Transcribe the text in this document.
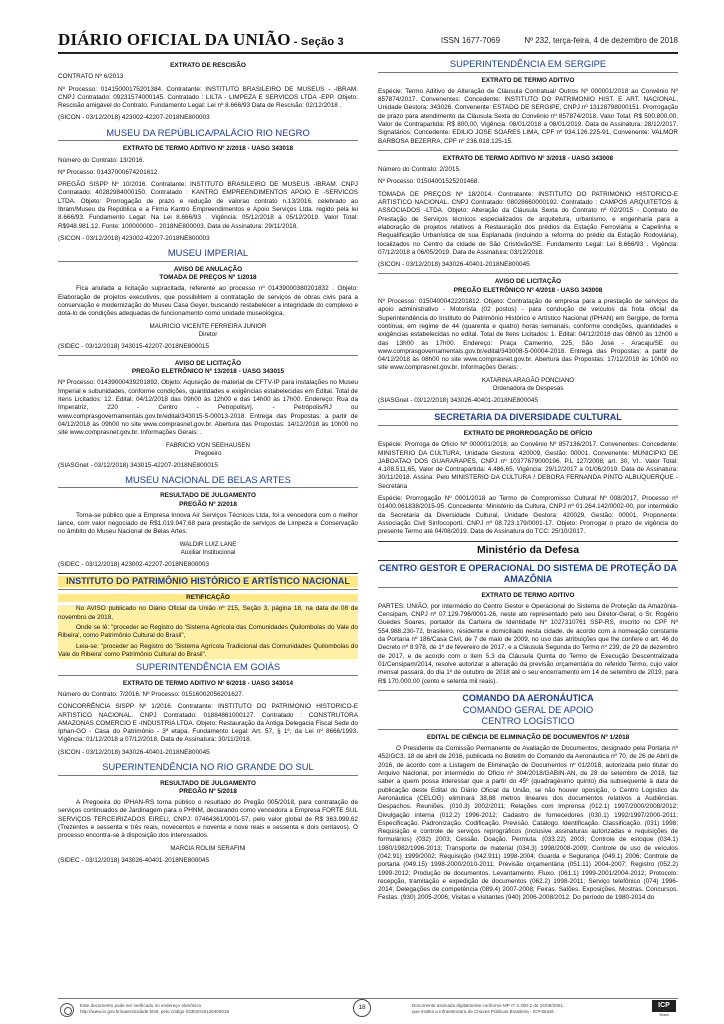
DIÁRIO OFICIAL DA UNIÃO - Seção 3	ISSN 1677-7069	Nº 232, terça-feira, 4 de dezembro de 2018
EXTRATO DE RESCISÃO
CONTRATO Nº 6/2013
Nº Processo: 01415000175201384. Contratante: INSTITUTO BRASILEIRO DE MUSEUS - -IBRAM. CNPJ Contratado: 09231574000145. Contratado : LILTA - LIMPEZA E SERVICOS LTDA -EPP. Objeto: Rescisão amigável do Contrato. Fundamento Legal: Lei nº 8.666/93 Data de Rescisão: 02/12/2018 .
(SICON - 03/12/2018) 423002-42207-2018NE800003
MUSEU DA REPÚBLICA/PALÁCIO RIO NEGRO
EXTRATO DE TERMO ADITIVO Nº 2/2018 - UASG 343018
Número do Contrato: 13/2016.
Nº Processo: 01437000674201612.
PREGÃO SISPP Nº 10/2016. Contratante: INSTITUTO BRASILEIRO DE MUSEUS -IBRAM. CNPJ Contratado: 40282984000150. Contratado : KANTRO EMPREENDIMENTOS APOIO E -SERVICOS LTDA. Objeto: Prorrogação de prazo e redução de valorao contrato n.13/2016, celebrado ao Ibram/Museu da República e a Firma Kantro Empreendimentos e Apoio Serviços Ltda. regido pela lei 8.666/93. Fundamento Legal: Na Lei 8.666/93 . Vigência: 05/12/2018 a 05/12/2019. Valor Total: R$948.981,12. Fonte: 100000000 - 2018NE800003. Data de Assinatura: 29/11/2018.
(SICON - 03/12/2018) 423002-42207-2018NE800003
MUSEU IMPERIAL
AVISO DE ANULAÇÃO
TOMADA DE PREÇOS Nº 1/2018
Fica anulada a licitação supracitada, referente ao processo nº 01439000380201832 . Objeto: Elaboração de projetos executivos, que possibilitem a contratação de serviços de obras civis para a conservação e modernização do Museu Casa Geyer, buscando restabelecer a integridade do complexo e dotá-lo de condições adequadas de funcionamento como unidade museológica.
MAURICIO VICENTE FERREIRA JUNIOR
Diretor
(SIDEC - 03/12/2018) 343015-42207-2018NE800015
AVISO DE LICITAÇÃO
PREGÃO ELETRÔNICO Nº 13/2018 - UASG 343015
Nº Processo: 01439000439201892. Objeto: Aquisição de material de CFTV-IP para instalações no Museu Imperial e subunidades, conforme condições, quantidades e exigências estabelecidas em Edital. Total de Itens Licitados: 12. Edital: 04/12/2018 das 09h00 às 12h00 e das 14h00 às 17h00. Endereço: Rua da Imperatriz, 220 - Centro - Petropolis/rj. - Petrópolis/RJ ou www.comprasgovernamentais.gov.br/edital/343015-5-00013-2018. Entrega das Propostas: a partir de 04/12/2018 às 09h00 no site www.comprasnet.gov.br. Abertura das Propostas: 14/12/2018 às 10h00 no site www.comprasnet.gov.br. Informações Gerais: .
FABRICIO VON SEEHAUSEN
Pregoeiro
(SIASGnet - 03/12/2018) 343015-42207-2018NE800015
MUSEU NACIONAL DE BELAS ARTES
RESULTADO DE JULGAMENTO
PREGÃO Nº 2/2018
Torna-se público que a Empresa Innova Air Serviços Técnicos Ltda, foi a vencedora com o melhor lance, com valor negociado de R$1.019.947,68 para prestação de serviços de Limpeza e Conservação no âmbito do Museu Nacional de Belas Artes.
WALDIR LUIZ LANE
Auxiliar Institucional
(SIDEC - 03/12/2018) 423002-42207-2018NE800003
INSTITUTO DO PATRIMÔNIO HISTÓRICO E ARTÍSTICO NACIONAL
RETIFICAÇÃO
No AVISO publicado no Diário Oficial da União nº 215, Seção 3, página 18, na data de 08 de novembro de 2018,
Onde se lê: "proceder ao Registro do 'Sistema Agrícola das Comunidades Quilombolas do Vale do Ribeira', como Patrimônio Cultural do Brasil",
Leia-se: "proceder ao Registro do 'Sistema Agrícola Tradicional das Comunidades Quilombolas do Vale do Ribeira' como Patrimônio Cultural do Brasil".
SUPERINTENDÊNCIA EM GOIÁS
EXTRATO DE TERMO ADITIVO Nº 6/2018 - UASG 343014
Número do Contrato: 7/2016. Nº Processo: 01516002056201627.
CONCORRÊNCIA SISPP Nº 1/2016. Contratante: INSTITUTO DO PATRIMONIO HISTORICO-E ARTISTICO NACIONAL. CNPJ Contratado: 01884861000127. Contratado : CONSTRUTORA AMAZONAS COMERCIO E -INDUSTRIA LTDA. Objeto: Restauração da Antiga Delegacia Fiscal Sede do Iphan-GO - Casa do Patrimônio - 3ª etapa. Fundamento Legal: Art. 57, § 1º, da Lei nº 8666/1993. Vigência: 01/12/2018 a 07/12/2018. Data de Assinatura: 30/11/2018.
(SICON - 03/12/2018) 343026-40401-2018NE800045
SUPERINTENDÊNCIA NO RIO GRANDE DO SUL
RESULTADO DE JULGAMENTO
PREGÃO Nº 5/2018
A Pregoeira do IPHAN-RS torna público o resultado do Pregão 005/2018, para contratação de serviços continuados de Jardinagem para o PHNM, declarando como vencedora a Empresa FORTE SUL SERVIÇOS TERCEIRIZADOS EIRELI, CNPJ: 07464361/0001-57, pelo valor global de R$ 363.999,62 (Trezentos e sessenta e três reais, novecentos e noventa e nove reais e sessenta e dois centavos). O processo encontra-se à disposição dos interessados.
MARCIA ROLIM SERAFINI
(SIDEC - 03/12/2018) 343026-40401-2018NE800045
SUPERINTENDÊNCIA EM SERGIPE
EXTRATO DE TERMO ADITIVO
Espécie: Termo Aditivo de Alteração de Cláusula Contratual/ Outros Nº 000001/2018 ao Convênio Nº 857874/2017. Convenentes: Concedente: INSTITUTO DO PATRIMONIO HIST. E ART. NACIONAL, Unidade Gestora: 343026. Convenente: ESTADO DE SERGIPE, CNPJ nº 13128798000151. Prorrogação de prazo para atendimento da Cláusula Sexta do Convênio nº 857874/2018. Valor Total: R$ 500.800,00, Valor de Contrapartida: R$ 800,00, Vigência: 08/01/2018 a 08/01/2019. Data de Assinatura: 28/12/2017. Signatários: Concedente: EDILIO JOSE SOARES LIMA, CPF nº 934.126.225-91, Convenente: VALMOR BARBOSA BEZERRA, CPF nº 236.018.125-15.
EXTRATO DE TERMO ADITIVO Nº 3/2018 - UASG 343008
Número do Contrato: 2/2015.
Nº Processo: 01504001525201468.
TOMADA DE PREÇOS Nº 18/2014. Contratante: INSTITUTO DO PATRIMONIO HISTORICO-E ARTISTICO NACIONAL. CNPJ Contratado: 08028660000192. Contratado : CAMPOS ARQUITETOS & ASSOCIADOS -LTDA. Objeto: Alteração da Cláusula Sexta do Contrato nº 02/2015 - Contrato de Prestação de Serviços técnicos especializados de arquitetura, urbanismo, e engenharia para a elaboração de projetos relativos à Restauração dos prédios da Estação Ferroviária e Capelinha e Requalificação Urbanística de sua Esplanada (incluindo a reforma do prédio da Estação Rodoviária), localizados no Centro da cidade de São Cristóvão/SE. Fundamento Legal: Lei 8.666/93 . Vigência: 07/12/2018 a 06/05/2019. Data de Assinatura: 03/12/2018.
(SICON - 03/12/2018) 343026-40401-2018NE800045
AVISO DE LICITAÇÃO
PREGÃO ELETRÔNICO Nº 4/2018 - UASG 343008
Nº Processo: 01504000422201812. Objeto: Contratação de empresa para a prestação de serviços de apoio administrativo - Motorista (02 postos) - para condução de veículos da frota oficial da Superintendência do Instituto do Patrimônio Histórico e Artístico Nacional (IPHAN) em Sergipe, de forma contínua, em regime de 44 (quarenta e quatro) horas semanais, conforme condições, quantidades e exigências estabelecidas no edital. Total de Itens Licitados: 1. Edital: 04/12/2018 das 08h00 às 12h00 e das 13h00 às 17h00. Endereço: Praça Camerino, 225, São José - Aracaju/SE ou www.comprasgovernamentais.gov.br/edital/343008-5-00004-2018. Entrega das Propostas: a partir de 04/12/2018 às 08h00 no site www.comprasnet.gov.br. Abertura das Propostas: 17/12/2018 às 10h00 no site www.comprasnet.gov.br. Informações Gerais: .
KATARINA ARAGÃO PONCIANO
Ordenadora de Despesas
(SIASGnet - 03/12/2018) 343026-40401-2018NE800045
SECRETARIA DA DIVERSIDADE CULTURAL
EXTRATO DE PRORROGAÇÃO DE OFÍCIO
Espécie: Prorroga de Ofício Nº 000001/2018, ao Convênio Nº 857136/2017. Convenentes: Concedente: MINISTERIO DA CULTURA, Unidade Gestora: 420009, Gestão: 00001. Convenente: MUNICIPIO DE JABOATAO DOS GUARARAPES, CNPJ nº 10377679000196. P.L 127/2008, art. 30, VI.. Valor Total: 4.108.511,65, Valor de Contrapartida: 4.486,65, Vigência: 29/12/2017 a 01/06/2019. Data de Assinatura: 30/11/2018. Assina: Pelo MINISTERIO DA CULTURA / DEBORA FERNANDA PINTO ALBUQUERQUE - Secretária
Espécie: Prorrogação Nº 0001/2018 ao Termo de Compromisso Cultural Nº 008/2017, Processo nº 01400.061838/2015-95. Concedente: Ministério da Cultura, CNPJ nº 01.264.142/0002-00, por intermédio da Secretaria da Diversidade Cultural, Unidade Gestora: 420029, Gestão: 00001. Proponente: Associação Civil Sinfocoporti, CNPJ nº 08.723.179/0001-17. Objeto: Prorrogar o prazo de vigência do presente Termo até 04/08/2019. Data de Assinatura do TCC: 25/10/2017.
Ministério da Defesa
CENTRO GESTOR E OPERACIONAL DO SISTEMA DE PROTEÇÃO DA AMAZÔNIA
EXTRATO DE TERMO ADITIVO
PARTES: UNIÃO, por intermédio do Centro Gestor e Operacional do Sistema de Proteção da Amazônia-Censipam, CNPJ nº 07.129.796/0001-26, neste ato representado pelo seu Diretor-Geral, o Sr. Rogério Guedes Soares, portador da Carteira de Identidade Nº 1027310761 SSP-RS, inscrito no CPF Nº 554.988.230-72, brasileiro, residente e domiciliado nesta cidade, de acordo com a nomeação constante da Portaria nº 186/Casa Civil, de 7 de maio de 2009, no uso das atribuições que lhe confere o art. 46 do Decreto nº 8.978, de 1º de fevereiro de 2017, e a Cláusula Segunda do Termo nº 239, de 29 de dezembro de 2017, e de acordo com o item 5.3 da Cláusula Quinta do Termo de Execução Descentralizada 01/Censipam/2014, resolve autorizar a alteração da previsão orçamentária do referido Termo, cujo valor mensal passará, do dia 1º de outubro de 2018 até o seu encerramento em 14 de setembro de 2019, para R$ 170.000,00 (cento e setenta mil reais).
COMANDO DA AERONÁUTICA
COMANDO GERAL DE APOIO
CENTRO LOGÍSTICO
EDITAL DE CIÊNCIA DE ELIMINAÇÃO DE DOCUMENTOS Nº 1/2018
O Presidente da Comissão Permanente de Avaliação de Documentos, designado pela Portaria nº 452/GC3, 18 de abril de 2016, publicada no Boletim do Comando da Aeronáutica nº 70, de 26 de Abril de 2016, de acordo com a Listagem de Eliminação de Documentos nº 01/2018, autorizada pelo titular do Arquivo Nacional, por intermédio do Ofício nº 304/2018/GABIN-AN, de 28 de setembro de 2018, faz saber a quem possa interessar que a partir do 45º (quadragésimo quinto) dia subsequente à data de publicação deste Edital do Diário Oficial da União, se não houver oposição, o Centro Logístico da Aeronáutica (CELOG) eliminará 38,88 metros lineares dos documentos relativos a Audiências. Despachos. Reuniões. (010.3) 2002/2011; Relações com Imprensa (012.1) 1997/2000/2008/2012; Divulgação interna (012.2) 1996-2012; Cadastro de fornecedores (030.1) 1992/1997/2000-2011; Especificação. Padronização. Codificação. Previsão. Catálogo. Identificação. Classificação. (031) 1998; Requisição e controle de serviços reprográficos (inclusive assinaturas autorizadas e requisições de formulários) (032) 2003; Cessão. Doação. Permuta. (033.22) 2003; Controle de estoque (034.1) 1980/1982/1996-2013; Transporte de material (034.3) 1998/2008-2009; Controle de uso de veículos (042.91) 1999/2002; Requisição (042.911) 1998-2004; Guarda e Segurança (049.1) 2006; Controle de portaria (049.15) 1998-2000/2010-2011; Previsão orçamentária (051.11) 2004-2007; Registro (052.2) 1999-2012; Produção de documentos. Levantamento. Fluxo. (061.1) 1999-2001/2004-2012; Protocolo: recepção, tramitação e expedição de documentos (062.2) 1998-2011; Serviço telefônico (074) 1996-2014; Delegações de competência (089.4) 2007-2008; Feiras. Salões. Exposições. Mostras. Concursos. Festas. (930) 2005-2006; Visitas e visitantes (940) 2006-2008/2012. Do período de 1980-2014 do
Este documento pode ser verificado no endereço eletrônico
http://www.in.gov.br/autenticidade.html, pelo código 03302018120400018
18	Documento assinado digitalmente conforme MP nº 2.200-2 de 24/08/2001,
que institui a Infraestrutura de Chaves Públicas Brasileira - ICP-Brasil.
ICP
Brasil
